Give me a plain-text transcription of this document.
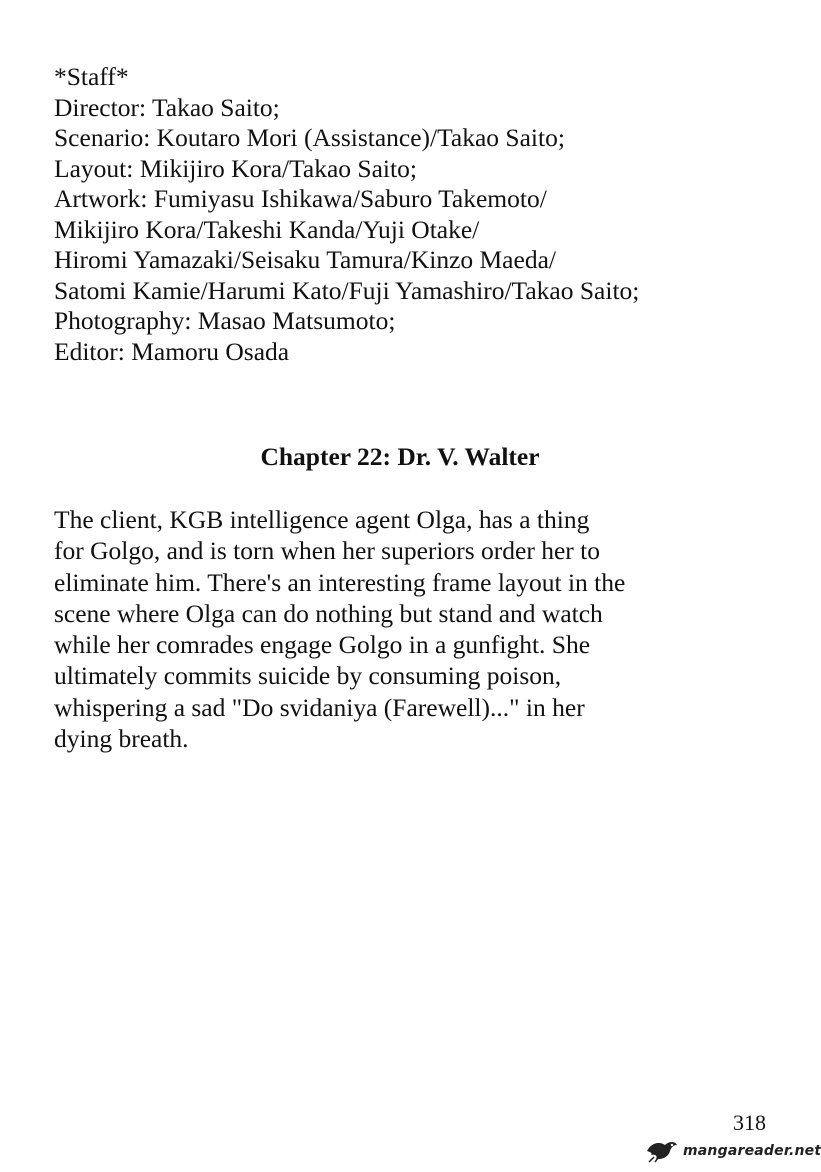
*Staff*
Director: Takao Saito;
Scenario: Koutaro Mori (Assistance)/Takao Saito;
Layout: Mikijiro Kora/Takao Saito;
Artwork: Fumiyasu Ishikawa/Saburo Takemoto/
Mikijiro Kora/Takeshi Kanda/Yuji Otake/
Hiromi Yamazaki/Seisaku Tamura/Kinzo Maeda/
Satomi Kamie/Harumi Kato/Fuji Yamashiro/Takao Saito;
Photography: Masao Matsumoto;
Editor: Mamoru Osada
Chapter 22: Dr. V. Walter
The client, KGB intelligence agent Olga, has a thing
for Golgo, and is torn when her superiors order her to
eliminate him. There's an interesting frame layout in the
scene where Olga can do nothing but stand and watch
while her comrades engage Golgo in a gunfight. She
ultimately commits suicide by consuming poison,
whispering a sad "Do svidaniya (Farewell)..." in her
dying breath.
318
mangareader.net
